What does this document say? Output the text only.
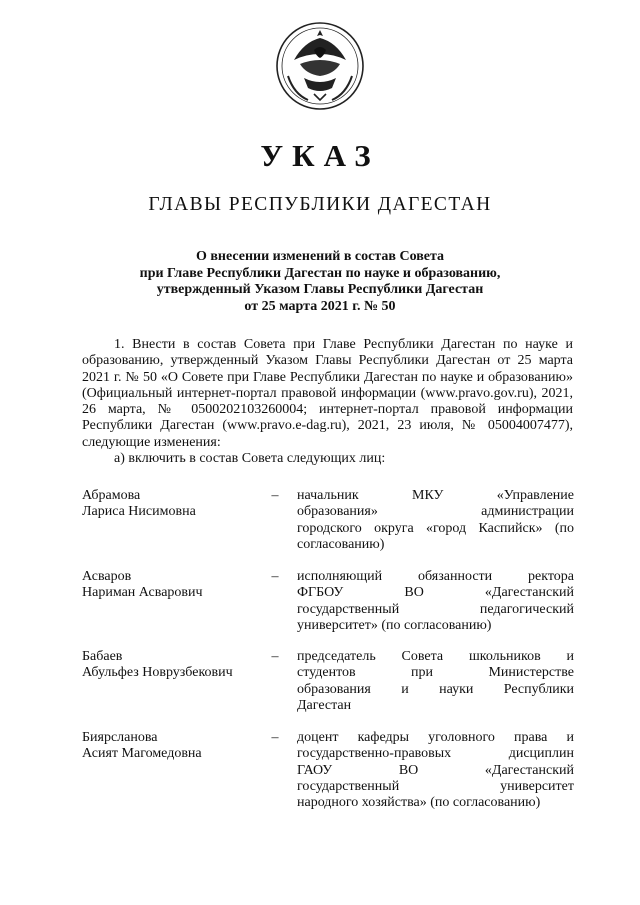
УКАЗ
ГЛАВЫ РЕСПУБЛИКИ ДАГЕСТАН
О внесении изменений в состав Совета
при Главе Республики Дагестан по науке и образованию,
утвержденный Указом Главы Республики Дагестан
от 25 марта 2021 г. № 50

1. Внести в состав Совета при Главе Республики Дагестан по науке и образованию, утвержденный Указом Главы Республики Дагестан от 25 марта 2021 г. № 50 «О Совете при Главе Республики Дагестан по науке и образованию» (Официальный интернет-портал правовой информации (www.pravo.gov.ru), 2021, 26 марта, № 0500202103260004; интернет-портал правовой информации Республики Дагестан (www.pravo.e-dag.ru), 2021, 23 июля, № 05004007477), следующие изменения:

а) включить в состав Совета следующих лиц:

Абрамова
Лариса Нисимовна
– начальник МКУ «Управление
образования» администрации
городского округа «город Каспийск» (по
согласованию)
Асваров
Нариман Асварович
– исполняющий обязанности ректора
ФГБОУ ВО «Дагестанский
государственный педагогический
университет» (по согласованию)
Бабаев
Абульфез Новрузбекович
– председатель Совета школьников и
студентов при Министерстве
образования и науки Республики
Дагестан
Биярсланова
Асият Магомедовна
– доцент кафедры уголовного права и
государственно-правовых дисциплин
ГАОУ ВО «Дагестанский
государственный университет
народного хозяйства» (по согласованию)
